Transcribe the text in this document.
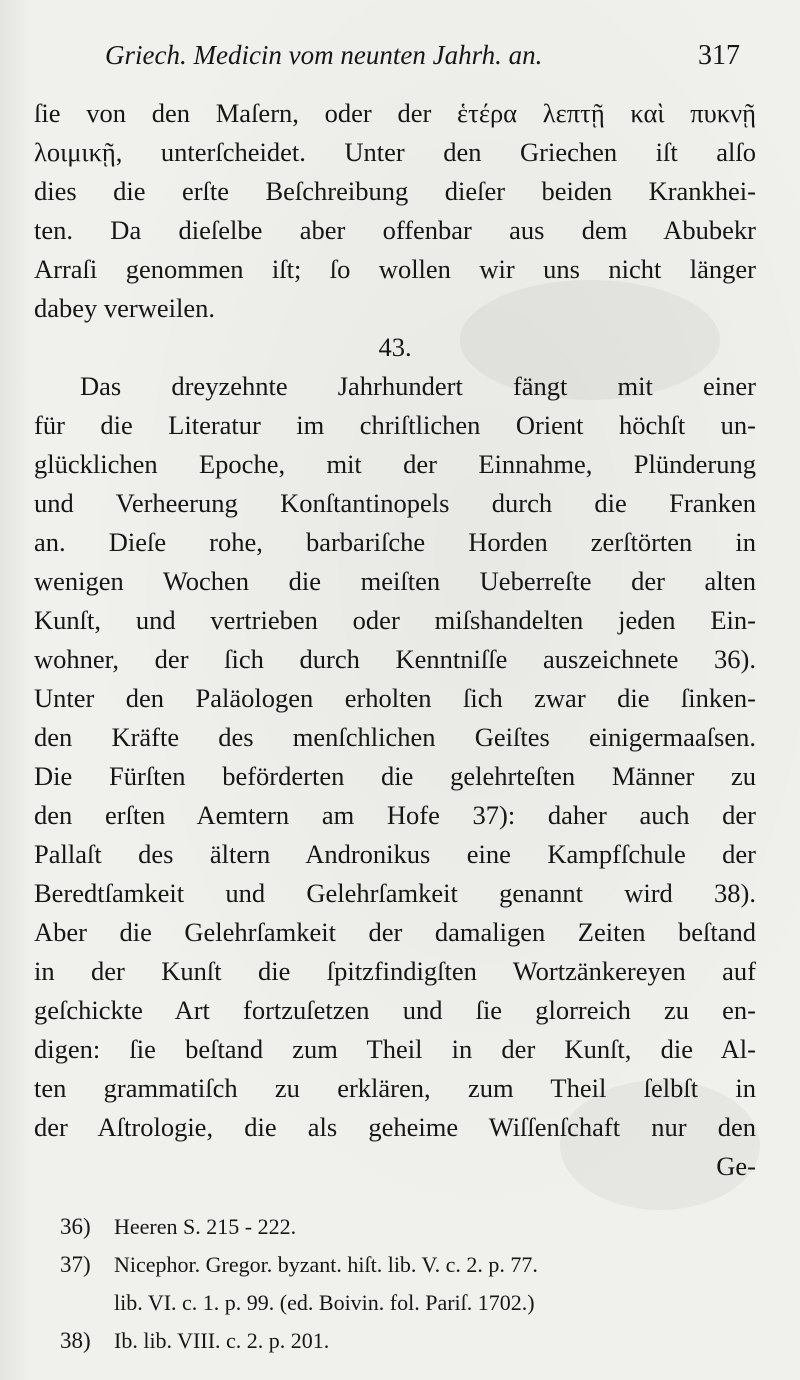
Griech. Medicin vom neunten Jahrh. an.	317
ſie von den Maſern, oder der ἑτέρα λεπτῇ καὶ πυκνῇ
λοιμικῇ, unterſcheidet. Unter den Griechen iſt alſo
dies die erſte Beſchreibung dieſer beiden Krankhei-
ten. Da dieſelbe aber offenbar aus dem Abubekr
Arraſi genommen iſt; ſo wollen wir uns nicht länger
dabey verweilen.
43.
Das dreyzehnte Jahrhundert fängt mit einer
für die Literatur im chriſtlichen Orient höchſt un-
glücklichen Epoche, mit der Einnahme, Plünderung
und Verheerung Konſtantinopels durch die Franken
an. Dieſe rohe, barbariſche Horden zerſtörten in
wenigen Wochen die meiſten Ueberreſte der alten
Kunſt, und vertrieben oder miſshandelten jeden Ein-
wohner, der ſich durch Kenntniſſe auszeichnete 36).
Unter den Paläologen erholten ſich zwar die ſinken-
den Kräfte des menſchlichen Geiſtes einigermaaſsen.
Die Fürſten beförderten die gelehrteſten Männer zu
den erſten Aemtern am Hofe 37): daher auch der
Pallaſt des ältern Andronikus eine Kampfſchule der
Beredtſamkeit und Gelehrſamkeit genannt wird 38).
Aber die Gelehrſamkeit der damaligen Zeiten beſtand
in der Kunſt die ſpitzfindigſten Wortzänkereyen auf
geſchickte Art fortzuſetzen und ſie glorreich zu en-
digen: ſie beſtand zum Theil in der Kunſt, die Al-
ten grammatiſch zu erklären, zum Theil ſelbſt in
der Aſtrologie, die als geheime Wiſſenſchaft nur den
Ge-
36) Heeren S. 215 - 222.
37) Nicephor. Gregor. byzant. hiſt. lib. V. c. 2. p. 77.
lib. VI. c. 1. p. 99. (ed. Boivin. fol. Pariſ. 1702.)
38) Ib. lib. VIII. c. 2. p. 201.
